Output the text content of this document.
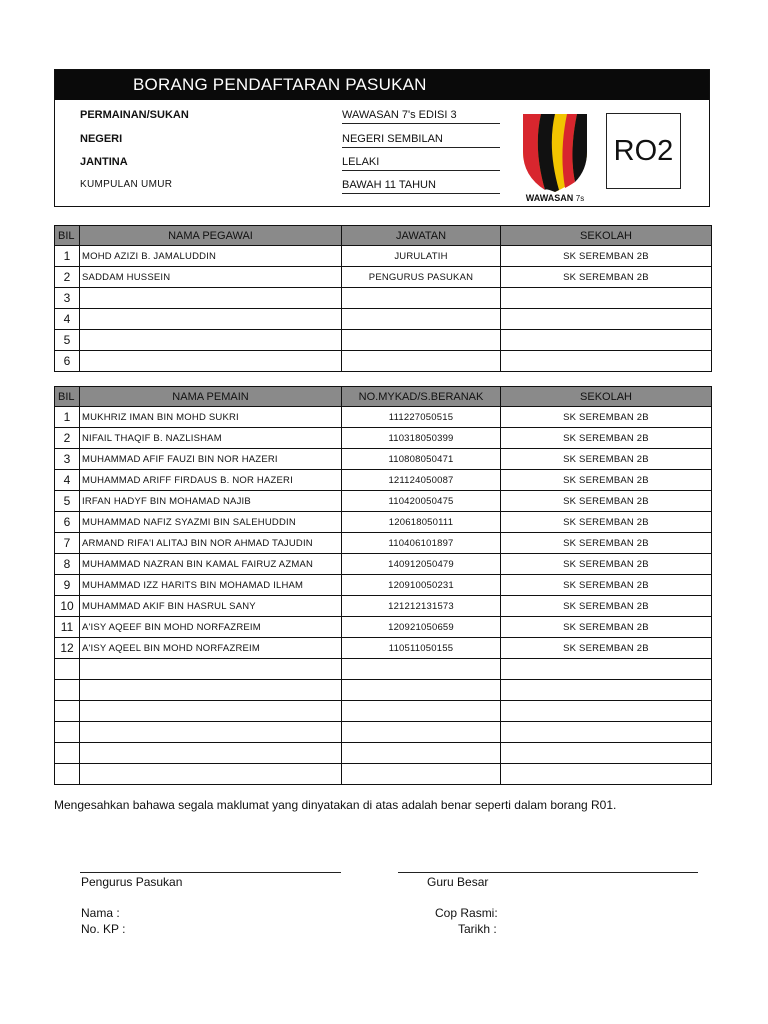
BORANG PENDAFTARAN PASUKAN
PERMAINAN/SUKAN	WAWASAN 7's EDISI 3
NEGERI	NEGERI SEMBILAN
JANTINA	LELAKI
KUMPULAN UMUR	BAWAH 11 TAHUN
WAWASAN 7s
RO2
BIL	NAMA PEGAWAI	JAWATAN	SEKOLAH
1	MOHD AZIZI B. JAMALUDDIN	JURULATIH	SK SEREMBAN 2B
2	SADDAM HUSSEIN	PENGURUS PASUKAN	SK SEREMBAN 2B
3			
4			
5			
6			
BIL	NAMA PEMAIN	NO.MYKAD/S.BERANAK	SEKOLAH
1	MUKHRIZ IMAN BIN MOHD SUKRI	111227050515	SK SEREMBAN 2B
2	NIFAIL THAQIF B. NAZLISHAM	110318050399	SK SEREMBAN 2B
3	MUHAMMAD AFIF FAUZI BIN NOR HAZERI	110808050471	SK SEREMBAN 2B
4	MUHAMMAD ARIFF FIRDAUS B. NOR HAZERI	121124050087	SK SEREMBAN 2B
5	IRFAN HADYF BIN MOHAMAD NAJIB	110420050475	SK SEREMBAN 2B
6	MUHAMMAD NAFIZ SYAZMI BIN SALEHUDDIN	120618050111	SK SEREMBAN 2B
7	ARMAND RIFA'I ALITAJ BIN NOR AHMAD TAJUDIN	110406101897	SK SEREMBAN 2B
8	MUHAMMAD NAZRAN BIN KAMAL FAIRUZ AZMAN	140912050479	SK SEREMBAN 2B
9	MUHAMMAD IZZ HARITS BIN MOHAMAD ILHAM	120910050231	SK SEREMBAN 2B
10	MUHAMMAD AKIF BIN HASRUL SANY	121212131573	SK SEREMBAN 2B
11	A'ISY AQEEF BIN MOHD NORFAZREIM	120921050659	SK SEREMBAN 2B
12	A'ISY AQEEL BIN MOHD NORFAZREIM	110511050155	SK SEREMBAN 2B

Mengesahkan bahawa segala maklumat yang dinyatakan di atas adalah benar seperti dalam borang R01.
Pengurus Pasukan
Nama :
No. KP :
Guru Besar
Cop Rasmi:
Tarikh :
